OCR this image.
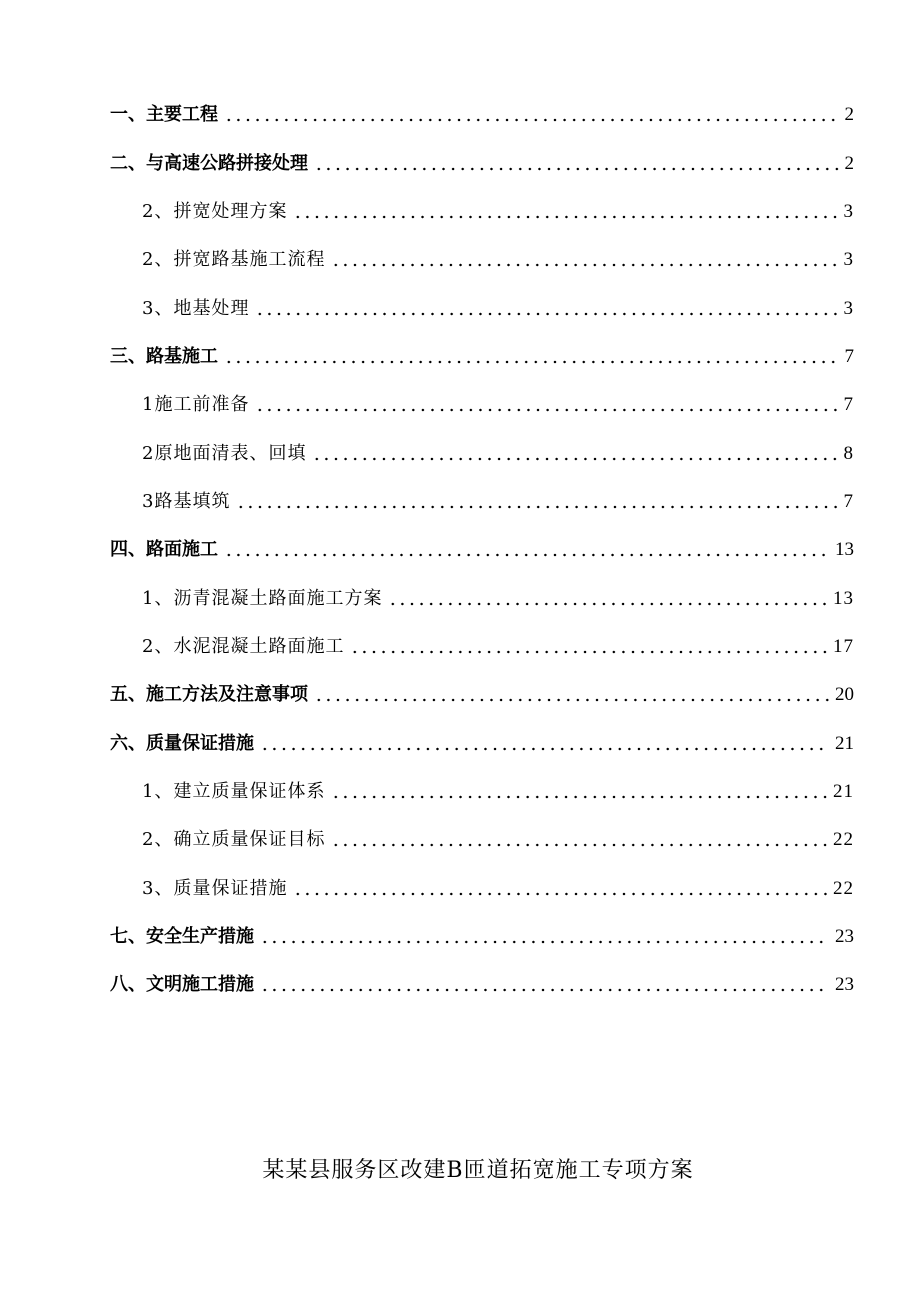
一、主要工程	2
二、与高速公路拼接处理	2
2、拼宽处理方案	3
2、拼宽路基施工流程	3
3、地基处理	3
三、路基施工	7
1施工前准备	7
2原地面清表、回填	8
3路基填筑	7
四、路面施工	13
1、沥青混凝土路面施工方案	13
2、水泥混凝土路面施工	17
五、施工方法及注意事项	20
六、质量保证措施	21
1、建立质量保证体系	21
2、确立质量保证目标	22
3、质量保证措施	22
七、安全生产措施	23
八、文明施工措施	23
某某县服务区改建B匝道拓宽施工专项方案
